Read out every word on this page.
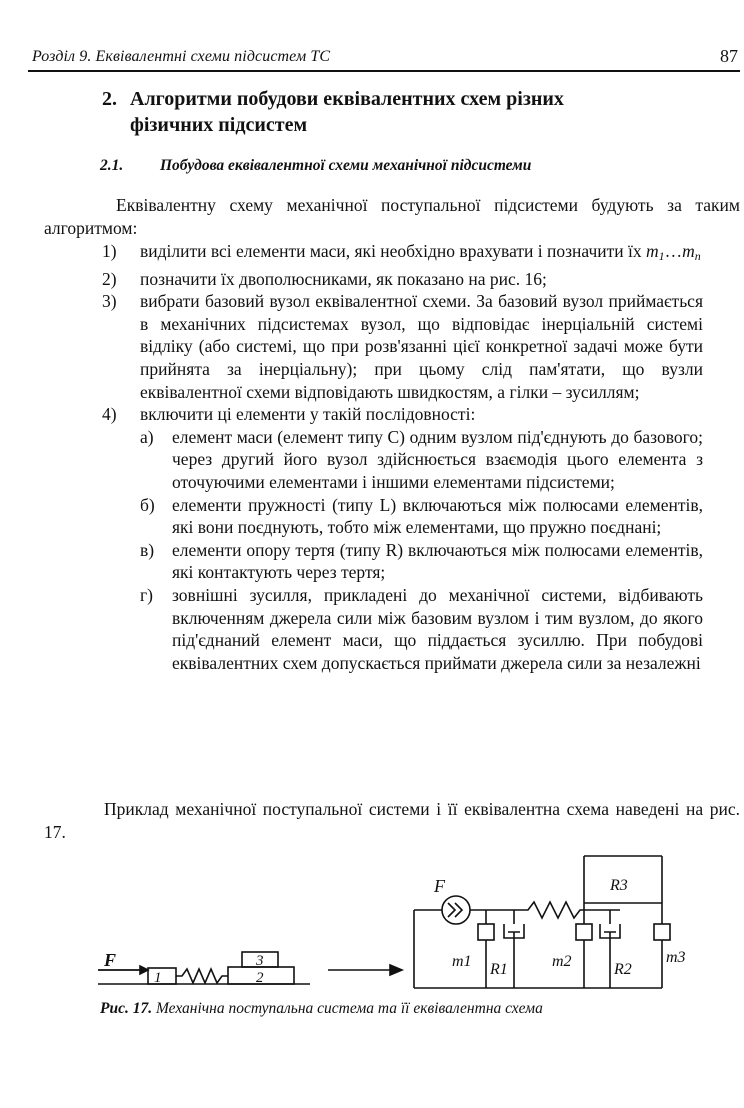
Розділ 9. Еквівалентні схеми підсистем ТС	87
2. Алгоритми побудови еквівалентних схем різних
фізичних підсистем
2.1. Побудова еквівалентної схеми механічної підсистеми
Еквівалентну схему механічної поступальної підсистеми будують за таким алгоритмом:
1) виділити всі елементи маси, які необхідно врахувати і позначити їх $m_1\dots m_n$
2) позначити їх двополюсниками, як показано на рис. 16;
3) вибрати базовий вузол еквівалентної схеми. За базовий вузол приймається в механічних підсистемах вузол, що відповідає інерціальній системі відліку (або системі, що при розв'язанні цієї конкретної задачі може бути прийнята за інерціальну); при цьому слід пам'ятати, що вузли еквівалентної схеми відповідають швидкостям, а гілки – зусиллям;
4) включити ці елементи у такій послідовності:
а) елемент маси (елемент типу С) одним вузлом під'єднують до базового; через другий його вузол здійснюється взаємодія цього елемента з оточуючими елементами і іншими елементами підсистеми;
б) елементи пружності (типу L) включаються між полюсами елементів, які вони поєднують, тобто між елементами, що пружно поєднані;
в) елементи опору тертя (типу R) включаються між полюсами елементів, які контактують через тертя;
г) зовнішні зусилля, прикладені до механічної системи, відбивають включенням джерела сили між базовим вузлом і тим вузлом, до якого під'єднаний елемент маси, що піддається зусиллю. При побудові еквівалентних схем допускається приймати джерела сили за незалежні
Приклад механічної поступальної системи і її еквівалентна схема наведені на рис. 17.
F
1	2
3
F
m1 R1
R3
m2	R2
m3
Рис. 17. Механічна поступальна система та її еквівалентна схема
